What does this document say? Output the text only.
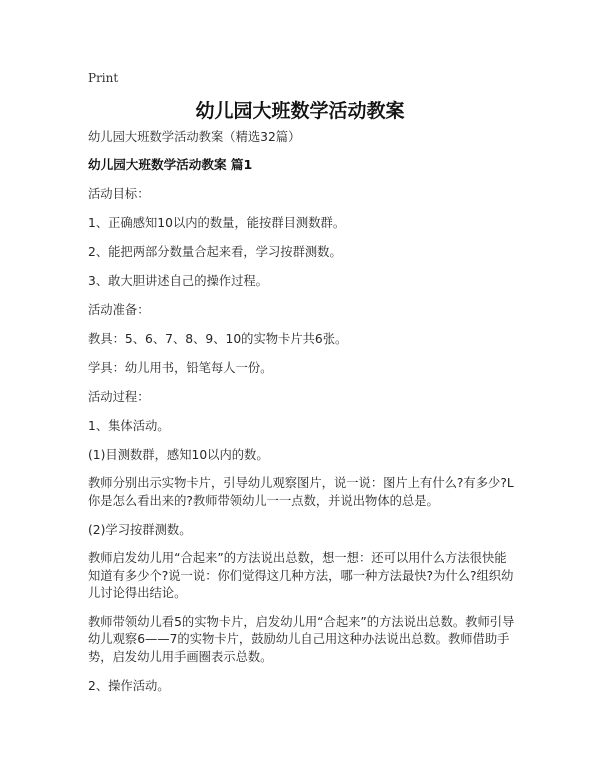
Print
幼儿园大班数学活动教案

幼儿园大班数学活动教案（精选32篇）

幼儿园大班数学活动教案 篇1

活动目标：

1、正确感知10以内的数量，能按群目测数群。

2、能把两部分数量合起来看，学习按群测数。

3、敢大胆讲述自己的操作过程。

活动准备：

教具：5、6、7、8、9、10的实物卡片共6张。

学具：幼儿用书，铅笔每人一份。

活动过程：

1、集体活动。

(1)目测数群，感知10以内的数。

教师分别出示实物卡片，引导幼儿观察图片，说一说：图片上有什么?有多少?L你是怎么看出来的?教师带领幼儿一一点数，并说出物体的总是。

(2)学习按群测数。

教师启发幼儿用“合起来”的方法说出总数，想一想：还可以用什么方法很快能知道有多少个?说一说：你们觉得这几种方法，哪一种方法最快?为什么?组织幼儿讨论得出结论。

教师带领幼儿看5的实物卡片，启发幼儿用“合起来”的方法说出总数。教师引导幼儿观察6——7的实物卡片，鼓励幼儿自己用这种办法说出总数。教师借助手势，启发幼儿用手画圈表示总数。

2、操作活动。
